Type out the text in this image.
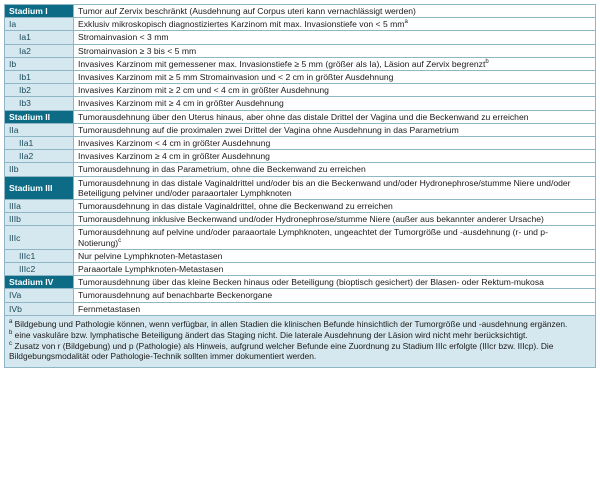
Stadium I	Tumor auf Zervix beschränkt (Ausdehnung auf Corpus uteri kann vernachlässigt werden)
Ia	Exklusiv mikroskopisch diagnostiziertes Karzinom mit max. Invasionstiefe von < 5 $mm^a$
Ia1	Stromainvasion < 3 mm
Ia2	Stromainvasion ≥ 3 bis < 5 mm
Ib	Invasives Karzinom mit gemessener max. Invasionstiefe ≥ 5 mm (größer als Ia), Läsion auf Zervix begrenzt$^b$
Ib1	Invasives Karzinom mit ≥ 5 mm Stromainvasion und < 2 cm in größter Ausdehnung
Ib2	Invasives Karzinom mit ≥ 2 cm und < 4 cm in größter Ausdehnung
Ib3	Invasives Karzinom mit ≥ 4 cm in größter Ausdehnung
Stadium II	Tumorausdehnung über den Uterus hinaus, aber ohne das distale Drittel der Vagina und die Beckenwand zu erreichen
IIa	Tumorausdehnung auf die proximalen zwei Drittel der Vagina ohne Ausdehnung in das Parametrium
IIa1	Invasives Karzinom < 4 cm in größter Ausdehnung
IIa2	Invasives Karzinom ≥ 4 cm in größter Ausdehnung
IIb	Tumorausdehnung in das Parametrium, ohne die Beckenwand zu erreichen
Stadium III	Tumorausdehnung in das distale Vaginaldrittel und/oder bis an die Beckenwand und/oder Hydronephrose/stumme Niere und/oder Beteiligung pelviner und/oder paraaortaler Lymphknoten
IIIa	Tumorausdehnung in das distale Vaginaldrittel, ohne die Beckenwand zu erreichen
IIIb	Tumorausdehnung inklusive Beckenwand und/oder Hydronephrose/stumme Niere (außer aus bekannter anderer Ursache)
IIIc	Tumorausdehnung auf pelvine und/oder paraaortale Lymphknoten, ungeachtet der Tumorgröße und -ausdehnung (r- und p-Notierung)$^c$
IIIc1	Nur pelvine Lymphknoten-Metastasen
IIIc2	Paraaortale Lymphknoten-Metastasen
Stadium IV	Tumorausdehnung über das kleine Becken hinaus oder Beteiligung (bioptisch gesichert) der Blasen- oder Rektum-mukosa
IVa	Tumorausdehnung auf benachbarte Beckenorgane
IVb	Fernmetastasen
$^a$ Bildgebung und Pathologie können, wenn verfügbar, in allen Stadien die klinischen Befunde hinsichtlich der Tumorgröße und -ausdehnung ergänzen.
$^b$ eine vaskuläre bzw. lymphatische Beteiligung ändert das Staging nicht. Die laterale Ausdehnung der Läsion wird nicht mehr berücksichtigt.
$^c$ Zusatz von r (Bildgebung) und p (Pathologie) als Hinweis, aufgrund welcher Befunde eine Zuordnung zu Stadium IIIc erfolgte (IIIcr bzw. IIIcp). Die Bildgebungsmodalität oder Pathologie-Technik sollten immer dokumentiert werden.
